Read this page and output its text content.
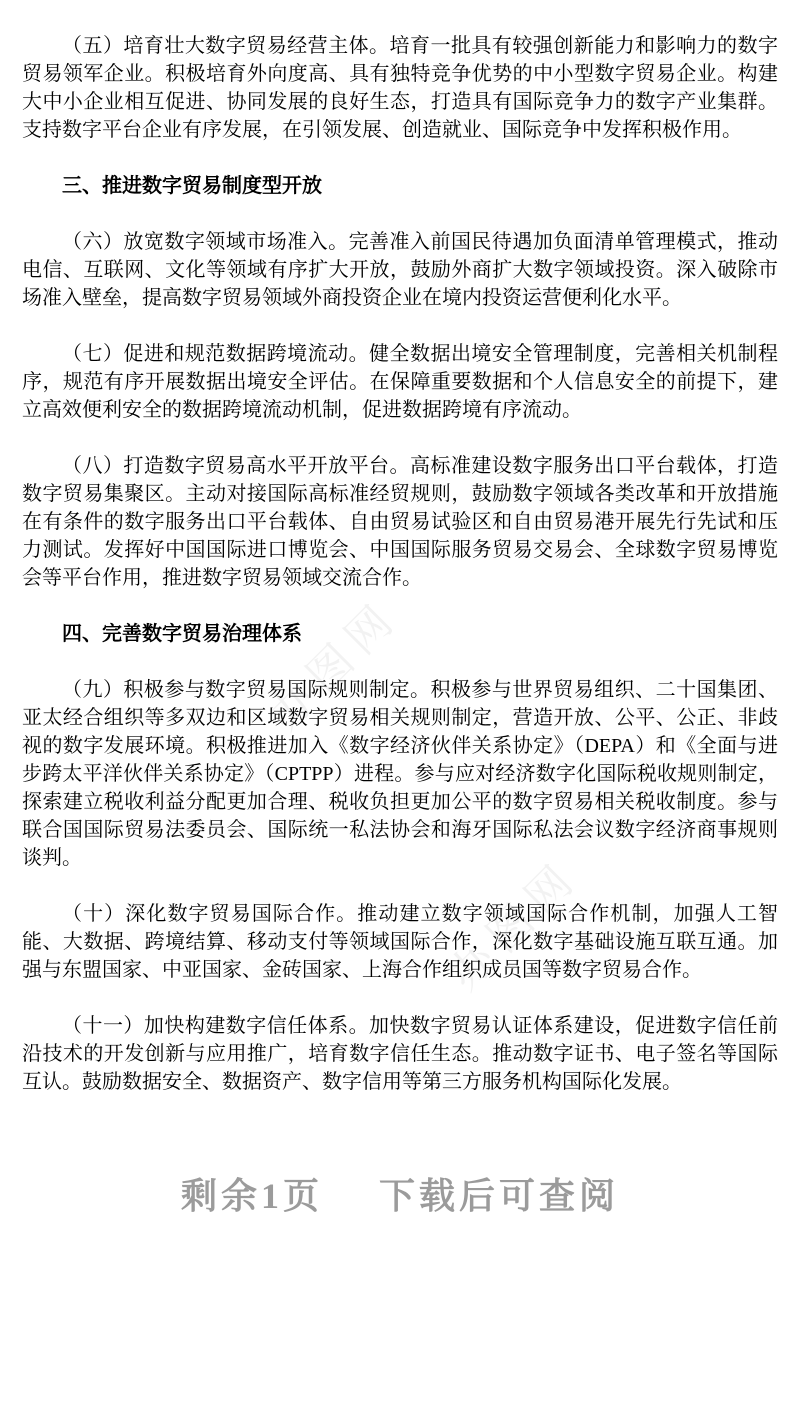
办图网
办图网

（五）培育壮大数字贸易经营主体。培育一批具有较强创新能力和影响力的数字贸易领军企业。积极培育外向度高、具有独特竞争优势的中小型数字贸易企业。构建大中小企业相互促进、协同发展的良好生态，打造具有国际竞争力的数字产业集群。支持数字平台企业有序发展，在引领发展、创造就业、国际竞争中发挥积极作用。

三、推进数字贸易制度型开放

（六）放宽数字领域市场准入。完善准入前国民待遇加负面清单管理模式，推动电信、互联网、文化等领域有序扩大开放，鼓励外商扩大数字领域投资。深入破除市场准入壁垒，提高数字贸易领域外商投资企业在境内投资运营便利化水平。

（七）促进和规范数据跨境流动。健全数据出境安全管理制度，完善相关机制程序，规范有序开展数据出境安全评估。在保障重要数据和个人信息安全的前提下，建立高效便利安全的数据跨境流动机制，促进数据跨境有序流动。

（八）打造数字贸易高水平开放平台。高标准建设数字服务出口平台载体，打造数字贸易集聚区。主动对接国际高标准经贸规则，鼓励数字领域各类改革和开放措施在有条件的数字服务出口平台载体、自由贸易试验区和自由贸易港开展先行先试和压力测试。发挥好中国国际进口博览会、中国国际服务贸易交易会、全球数字贸易博览会等平台作用，推进数字贸易领域交流合作。

四、完善数字贸易治理体系

（九）积极参与数字贸易国际规则制定。积极参与世界贸易组织、二十国集团、亚太经合组织等多双边和区域数字贸易相关规则制定，营造开放、公平、公正、非歧视的数字发展环境。积极推进加入《数字经济伙伴关系协定》（DEPA）和《全面与进步跨太平洋伙伴关系协定》（CPTPP）进程。参与应对经济数字化国际税收规则制定，探索建立税收利益分配更加合理、税收负担更加公平的数字贸易相关税收制度。参与联合国国际贸易法委员会、国际统一私法协会和海牙国际私法会议数字经济商事规则谈判。

（十）深化数字贸易国际合作。推动建立数字领域国际合作机制，加强人工智能、大数据、跨境结算、移动支付等领域国际合作，深化数字基础设施互联互通。加强与东盟国家、中亚国家、金砖国家、上海合作组织成员国等数字贸易合作。

（十一）加快构建数字信任体系。加快数字贸易认证体系建设，促进数字信任前沿技术的开发创新与应用推广，培育数字信任生态。推动数字证书、电子签名等国际互认。鼓励数据安全、数据资产、数字信用等第三方服务机构国际化发展。

剩余1页 下载后可查阅
